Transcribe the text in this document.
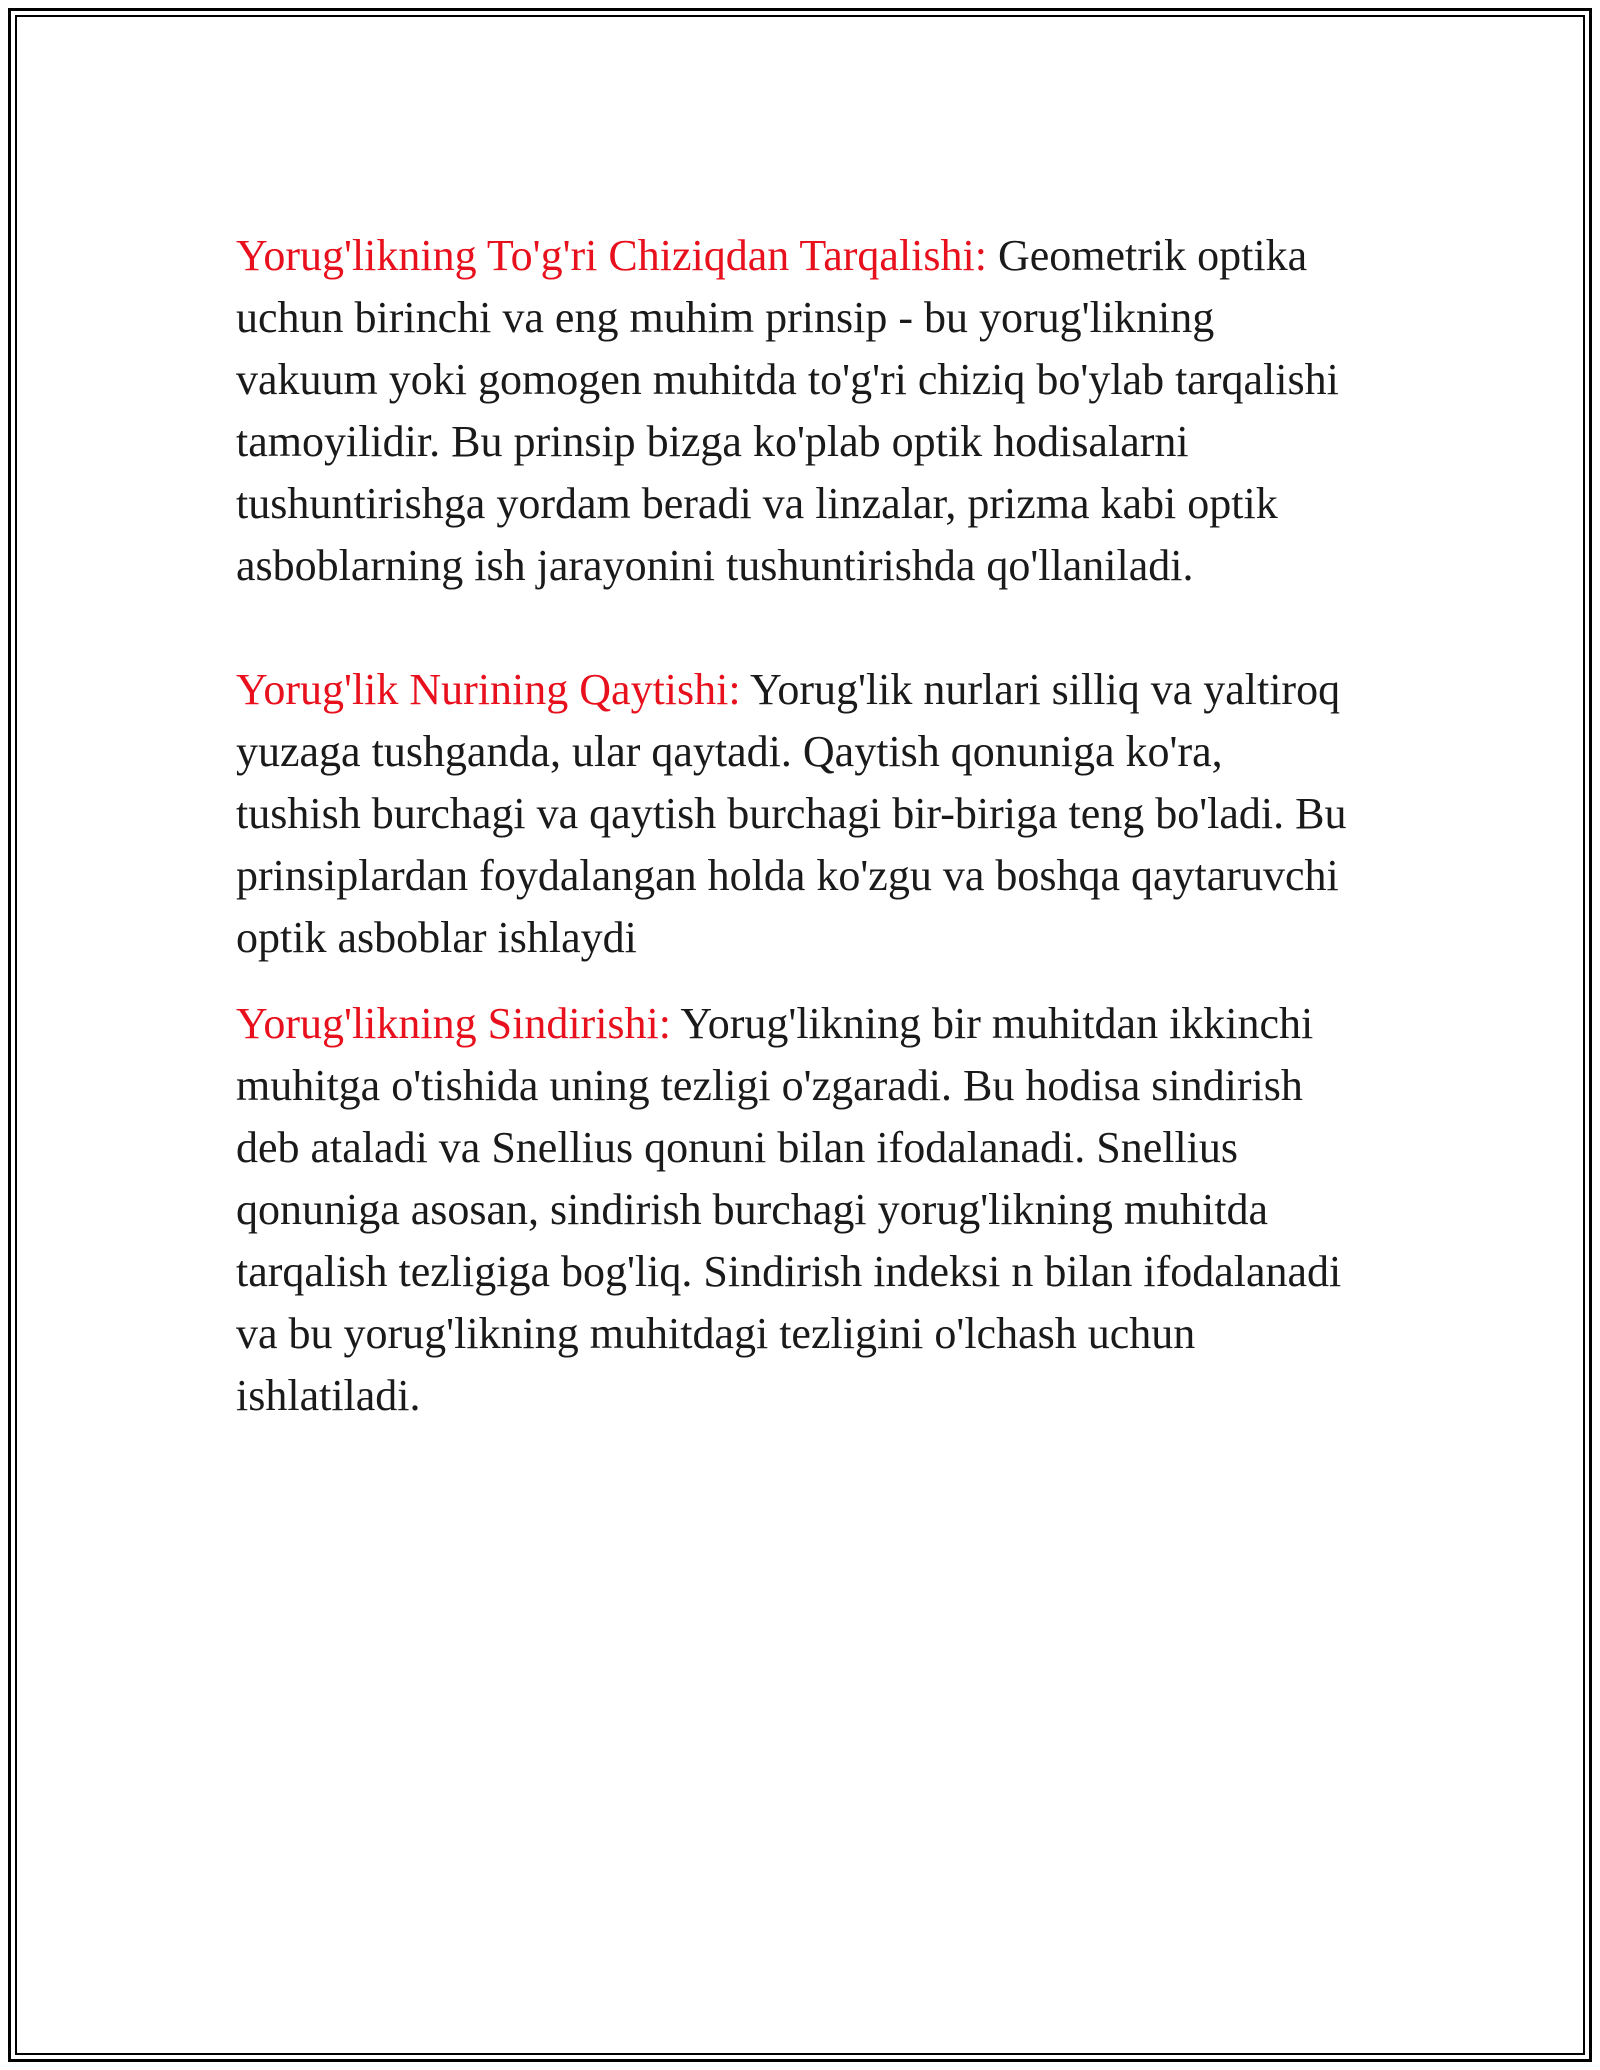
Yorug'likning To'g'ri Chiziqdan Tarqalishi: Geometrik optika uchun birinchi va eng muhim prinsip - bu yorug'likning vakuum yoki gomogen muhitda to'g'ri chiziq bo'ylab tarqalishi tamoyilidir. Bu prinsip bizga ko'plab optik hodisalarni tushuntirishga yordam beradi va linzalar, prizma kabi optik asboblarning ish jarayonini tushuntirishda qo'llaniladi.

Yorug'lik Nurining Qaytishi: Yorug'lik nurlari silliq va yaltiroq yuzaga tushganda, ular qaytadi. Qaytish qonuniga ko'ra, tushish burchagi va qaytish burchagi bir-biriga teng bo'ladi. Bu prinsiplardan foydalangan holda ko'zgu va boshqa qaytaruvchi optik asboblar ishlaydi

Yorug'likning Sindirishi: Yorug'likning bir muhitdan ikkinchi muhitga o'tishida uning tezligi o'zgaradi. Bu hodisa sindirish deb ataladi va Snellius qonuni bilan ifodalanadi. Snellius qonuniga asosan, sindirish burchagi yorug'likning muhitda tarqalish tezligiga bog'liq. Sindirish indeksi n bilan ifodalanadi va bu yorug'likning muhitdagi tezligini o'lchash uchun ishlatiladi.
